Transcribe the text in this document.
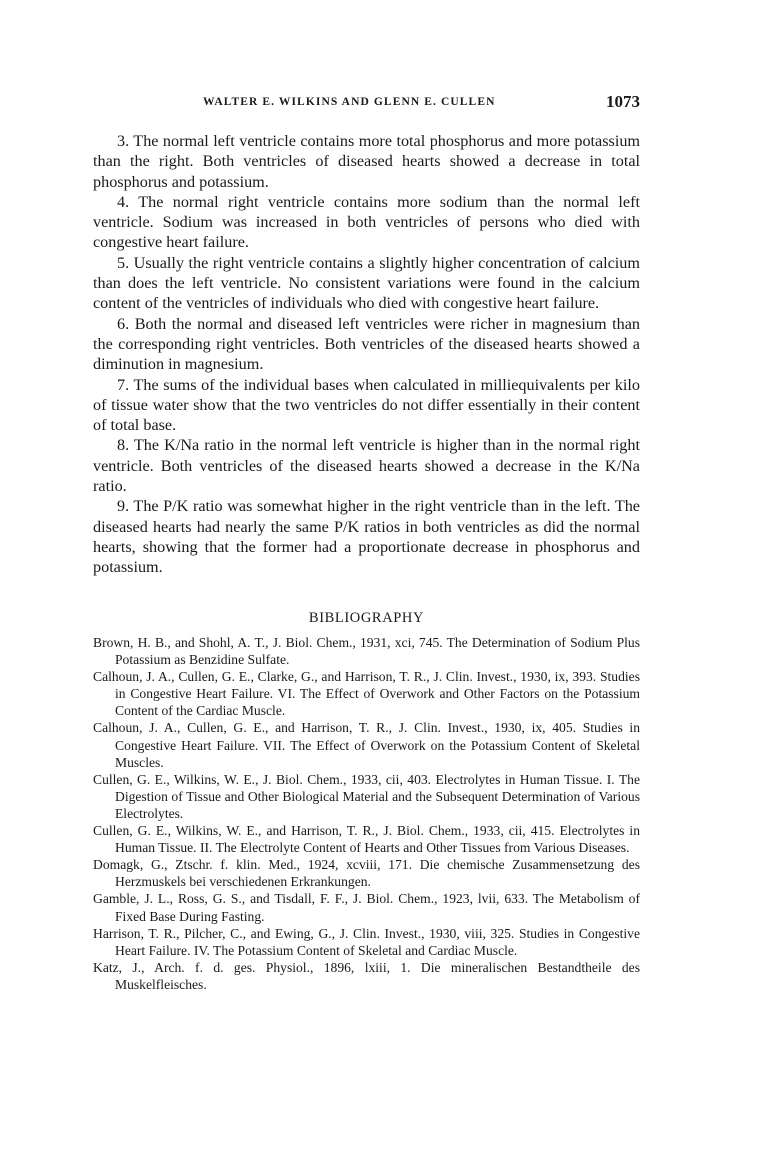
WALTER E. WILKINS AND GLENN E. CULLEN	1073

3. The normal left ventricle contains more total phosphorus and more potassium than the right. Both ventricles of diseased hearts showed a decrease in total phosphorus and potassium.

4. The normal right ventricle contains more sodium than the normal left ventricle. Sodium was increased in both ventricles of persons who died with congestive heart failure.

5. Usually the right ventricle contains a slightly higher concentration of calcium than does the left ventricle. No consistent variations were found in the calcium content of the ventricles of individuals who died with congestive heart failure.

6. Both the normal and diseased left ventricles were richer in magnesium than the corresponding right ventricles. Both ventricles of the diseased hearts showed a diminution in magnesium.

7. The sums of the individual bases when calculated in milliequivalents per kilo of tissue water show that the two ventricles do not differ essentially in their content of total base.

8. The K/Na ratio in the normal left ventricle is higher than in the normal right ventricle. Both ventricles of the diseased hearts showed a decrease in the K/Na ratio.

9. The P/K ratio was somewhat higher in the right ventricle than in the left. The diseased hearts had nearly the same P/K ratios in both ventricles as did the normal hearts, showing that the former had a proportionate decrease in phosphorus and potassium.

BIBLIOGRAPHY

Brown, H. B., and Shohl, A. T., J. Biol. Chem., 1931, xci, 745. The Determination of Sodium Plus Potassium as Benzidine Sulfate.

Calhoun, J. A., Cullen, G. E., Clarke, G., and Harrison, T. R., J. Clin. Invest., 1930, ix, 393. Studies in Congestive Heart Failure. VI. The Effect of Overwork and Other Factors on the Potassium Content of the Cardiac Muscle.

Calhoun, J. A., Cullen, G. E., and Harrison, T. R., J. Clin. Invest., 1930, ix, 405. Studies in Congestive Heart Failure. VII. The Effect of Overwork on the Potassium Content of Skeletal Muscles.

Cullen, G. E., Wilkins, W. E., J. Biol. Chem., 1933, cii, 403. Electrolytes in Human Tissue. I. The Digestion of Tissue and Other Biological Material and the Subsequent Determination of Various Electrolytes.

Cullen, G. E., Wilkins, W. E., and Harrison, T. R., J. Biol. Chem., 1933, cii, 415. Electrolytes in Human Tissue. II. The Electrolyte Content of Hearts and Other Tissues from Various Diseases.

Domagk, G., Ztschr. f. klin. Med., 1924, xcviii, 171. Die chemische Zusammensetzung des Herzmuskels bei verschiedenen Erkrankungen.

Gamble, J. L., Ross, G. S., and Tisdall, F. F., J. Biol. Chem., 1923, lvii, 633. The Metabolism of Fixed Base During Fasting.

Harrison, T. R., Pilcher, C., and Ewing, G., J. Clin. Invest., 1930, viii, 325. Studies in Congestive Heart Failure. IV. The Potassium Content of Skeletal and Cardiac Muscle.

Katz, J., Arch. f. d. ges. Physiol., 1896, lxiii, 1. Die mineralischen Bestandtheile des Muskelfleisches.
